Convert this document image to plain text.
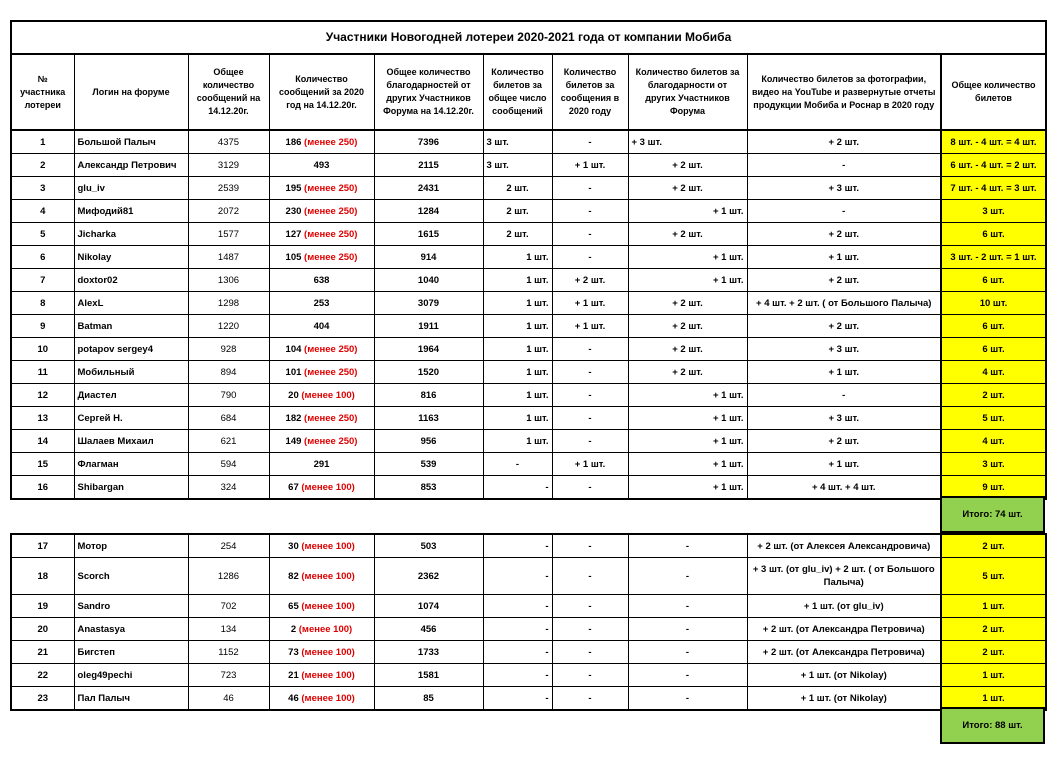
Участники Новогодней лотереи 2020-2021 года от компании Мобиба									
№ участника лотереи	Логин на форуме	Общее количество сообщений на 14.12.20г.	Количество сообщений за 2020 год на 14.12.20г.	Общее количество благодарностей от других Участников Форума на 14.12.20г.	Количество билетов за общее число сообщений	Количество билетов за сообщения в 2020 году	Количество билетов за благодарности от других Участников Форума	Количество билетов за фотографии, видео на YouTube и развернутые отчеты продукции Мобиба и Роснар в 2020 году	Общее количество билетов
1	Большой Палыч	4375	186 (менее 250)	7396	3 шт.	-	+ 3 шт.	+ 2 шт.	8 шт. - 4 шт. = 4 шт.
2	Александр Петрович	3129	493	2115	3 шт.	+ 1 шт.	+ 2 шт.	-	6 шт. - 4 шт. = 2 шт.
3	glu_iv	2539	195 (менее 250)	2431	2 шт.	-	+ 2 шт.	+ 3 шт.	7 шт. - 4 шт. = 3 шт.
4	Мифодий81	2072	230 (менее 250)	1284	2 шт.	-	+ 1 шт.	-	3 шт.
5	Jicharka	1577	127 (менее 250)	1615	2 шт.	-	+ 2 шт.	+ 2 шт.	6 шт.
6	Nikolay	1487	105 (менее 250)	914	1 шт.	-	+ 1 шт.	+ 1 шт.	3 шт. - 2 шт. = 1 шт.
7	doxtor02	1306	638	1040	1 шт.	+ 2 шт.	+ 1 шт.	+ 2 шт.	6 шт.
8	AlexL	1298	253	3079	1 шт.	+ 1 шт.	+ 2 шт.	+ 4 шт. + 2 шт. ( от Большого Палыча)	10 шт.
9	Batman	1220	404	1911	1 шт.	+ 1 шт.	+ 2 шт.	+ 2 шт.	6 шт.
10	potapov sergey4	928	104 (менее 250)	1964	1 шт.	-	+ 2 шт.	+ 3 шт.	6 шт.
11	Мобильный	894	101 (менее 250)	1520	1 шт.	-	+ 2 шт.	+ 1 шт.	4 шт.
12	Диастел	790	20 (менее 100)	816	1 шт.	-	+ 1 шт.	-	2 шт.
13	Сергей Н.	684	182 (менее 250)	1163	1 шт.	-	+ 1 шт.	+ 3 шт.	5 шт.
14	Шалаев Михаил	621	149 (менее 250)	956	1 шт.	-	+ 1 шт.	+ 2 шт.	4 шт.
15	Флагман	594	291	539	-	+ 1 шт.	+ 1 шт.	+ 1 шт.	3 шт.
16	Shibargan	324	67 (менее 100)	853	-	-	+ 1 шт.	+ 4 шт. + 4 шт.	9 шт.
Итого: 74 шт.
17	Мотор	254	30 (менее 100)	503	-	-	-	+ 2 шт. (от Алексея Александровича)	2 шт.
18	Scorch	1286	82 (менее 100)	2362	-	-	-	+ 3 шт. (от glu_iv) + 2 шт. ( от Большого Палыча)	5 шт.
19	Sandro	702	65 (менее 100)	1074	-	-	-	+ 1 шт. (от glu_iv)	1 шт.
20	Anastasya	134	2 (менее 100)	456	-	-	-	+ 2 шт. (от Александра Петровича)	2 шт.
21	Бигстеп	1152	73 (менее 100)	1733	-	-	-	+ 2 шт. (от Александра Петровича)	2 шт.
22	oleg49pechi	723	21 (менее 100)	1581	-	-	-	+ 1 шт. (от Nikolay)	1 шт.
23	Пал Палыч	46	46 (менее 100)	85	-	-	-	+ 1 шт. (от Nikolay)	1 шт.
Итого: 88 шт.
